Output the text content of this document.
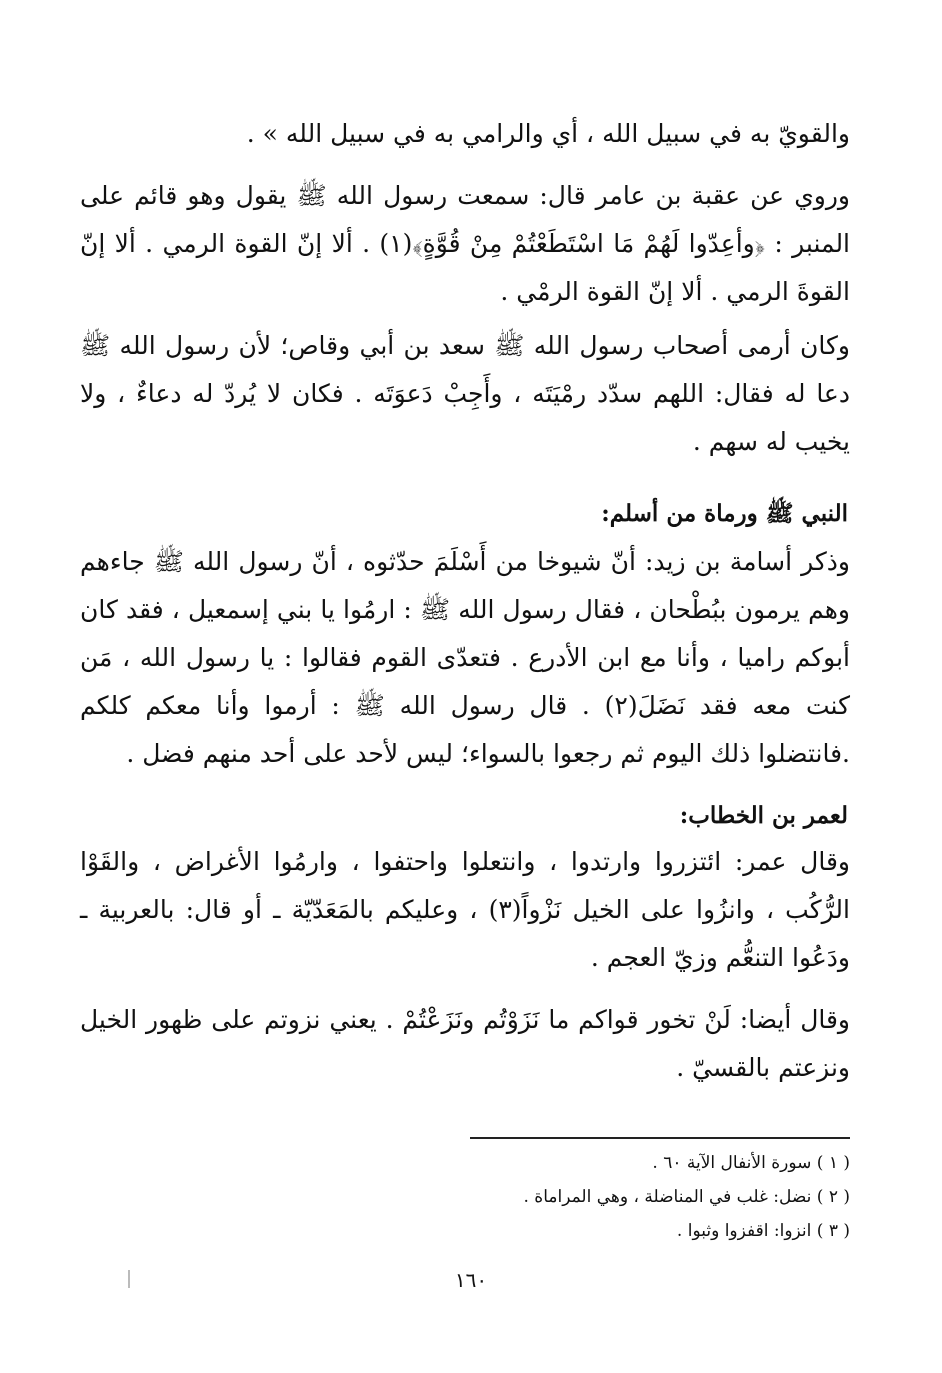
والقويّ به في سبيل الله ، أي والرامي به في سبيل الله » .
وروي عن عقبة بن عامر قال: سمعت رسول الله ﷺ يقول وهو قائم على المنبر : ﴿وأعِدّوا لَهُمْ مَا اسْتَطَعْتُمْ مِنْ قُوَّةٍ﴾(١) . ألا إنّ القوة الرمي . ألا إنّ القوةَ الرمي . ألا إنّ القوة الرمْي .
وكان أرمى أصحاب رسول الله ﷺ سعد بن أبي وقاص؛ لأن رسول الله ﷺ دعا له فقال: اللهم سدّد رمْيَتَه ، وأَجِبْ دَعوَتَه . فكان لا يُردّ له دعاءٌ ، ولا يخيب له سهم .
النبي ﷺ ورماة من أسلم:
وذكر أسامة بن زيد: أنّ شيوخا من أَسْلَمَ حدّثوه ، أنّ رسول الله ﷺ جاءهم وهم يرمون ببُطْحان ، فقال رسول الله ﷺ : ارمُوا يا بني إسمعيل ، فقد كان أبوكم راميا ، وأنا مع ابن الأدرع . فتعدّى القوم فقالوا : يا رسول الله ، مَن كنت معه فقد نَضَلَ(٢) . قال رسول الله ﷺ : أرموا وأنا معكم كلكم .فانتضلوا ذلك اليوم ثم رجعوا بالسواء؛ ليس لأحد على أحد منهم فضل .
لعمر بن الخطاب:
وقال عمر: ائتزروا وارتدوا ، وانتعلوا واحتفوا ، وارمُوا الأغراض ، والقَوْا الرُّكُب ، وانزُوا على الخيل نَزْواً(٣) ، وعليكم بالمَعَدّيّة ـ أو قال: بالعربية ـ ودَعُوا التنعُّم وزيّ العجم .
وقال أيضا: لَنْ تخور قواكم ما نَزَوْتُم ونَزَعْتُمْ . يعني نزوتم على ظهور الخيل ونزعتم بالقسيّ .
( ١ ) سورة الأنفال الآية ٦٠ .
( ٢ ) نضل: غلب في المناضلة ، وهي المراماة .
( ٣ ) انزوا: اقفزوا وثبوا .
١٦٠
